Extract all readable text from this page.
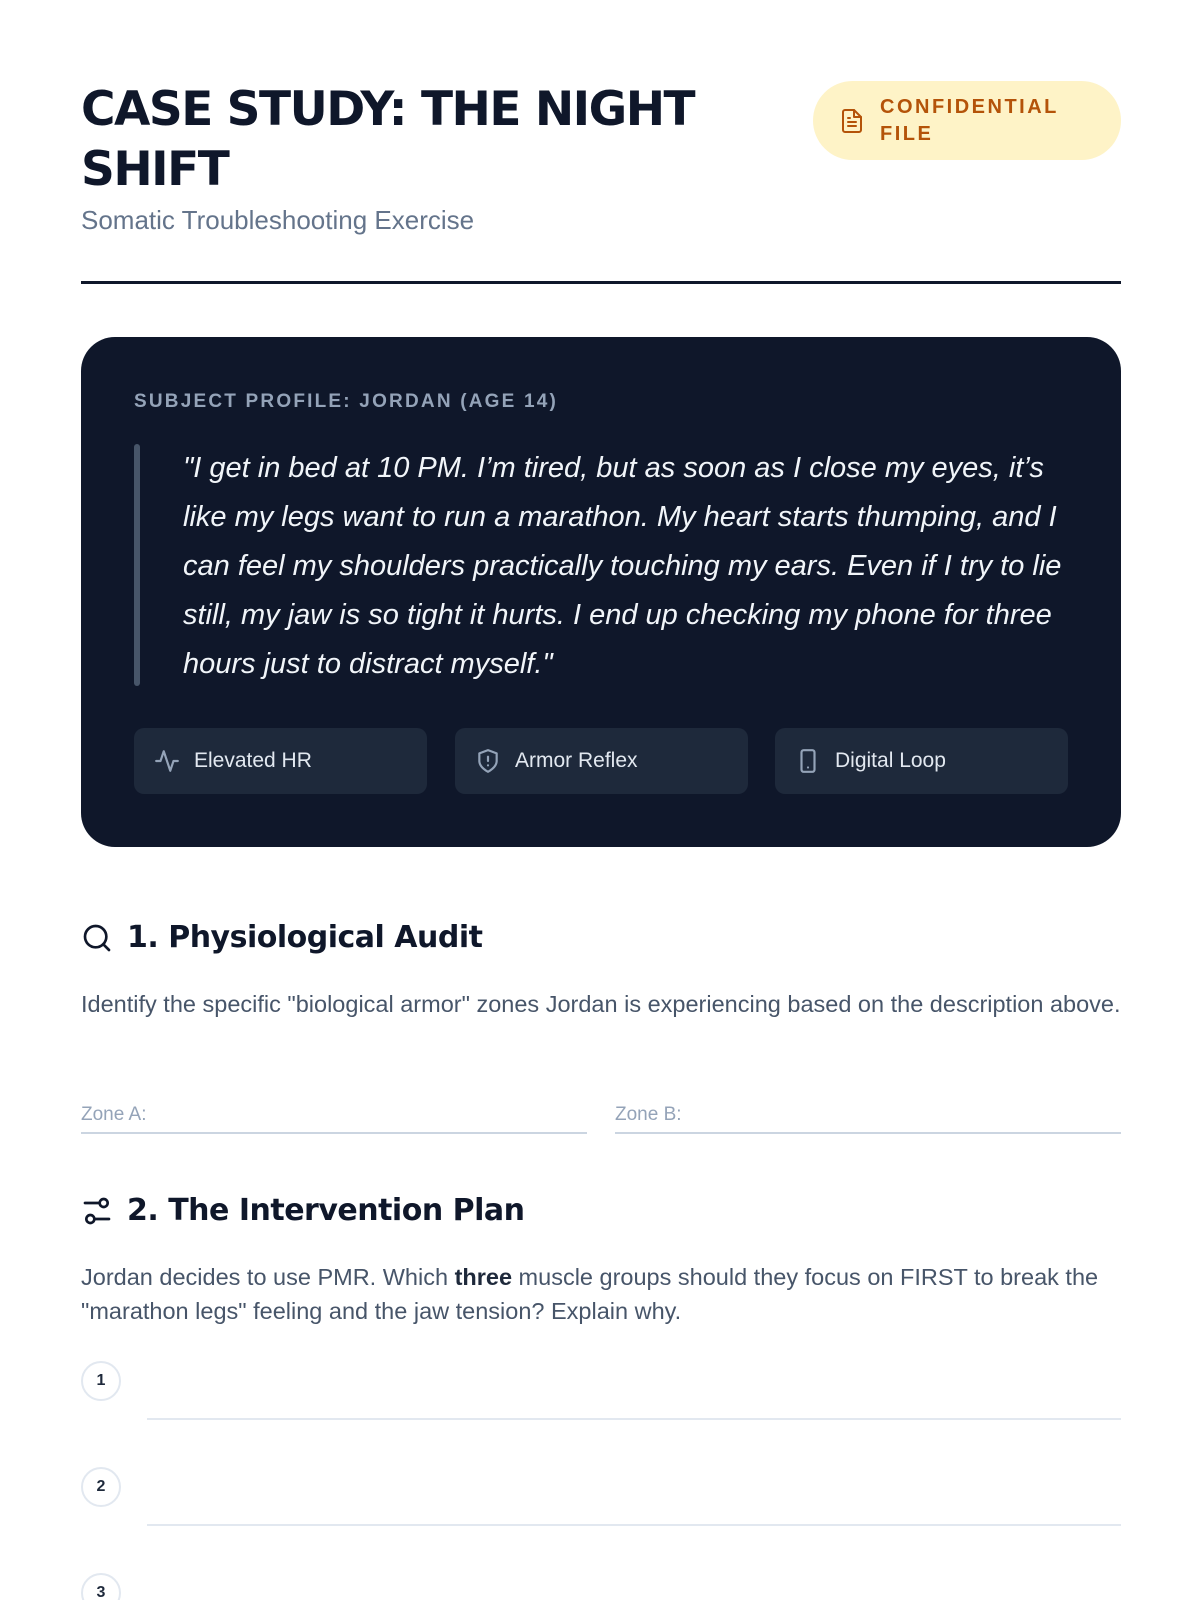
CASE STUDY: THE NIGHT SHIFT
Somatic Troubleshooting Exercise
CONFIDENTIAL FILE
SUBJECT PROFILE: JORDAN (AGE 14)

"I get in bed at 10 PM. I’m tired, but as soon as I close my eyes, it’s like my legs want to run a marathon. My heart starts thumping, and I can feel my shoulders practically touching my ears. Even if I try to lie still, my jaw is so tight it hurts. I end up checking my phone for three hours just to distract myself."

Elevated HR	Armor Reflex	Digital Loop
1. Physiological Audit

Identify the specific "biological armor" zones Jordan is experiencing based on the description above.

Zone A:	Zone B:
2. The Intervention Plan

Jordan decides to use PMR. Which three muscle groups should they focus on FIRST to break the "marathon legs" feeling and the jaw tension? Explain why.

1
2
3
